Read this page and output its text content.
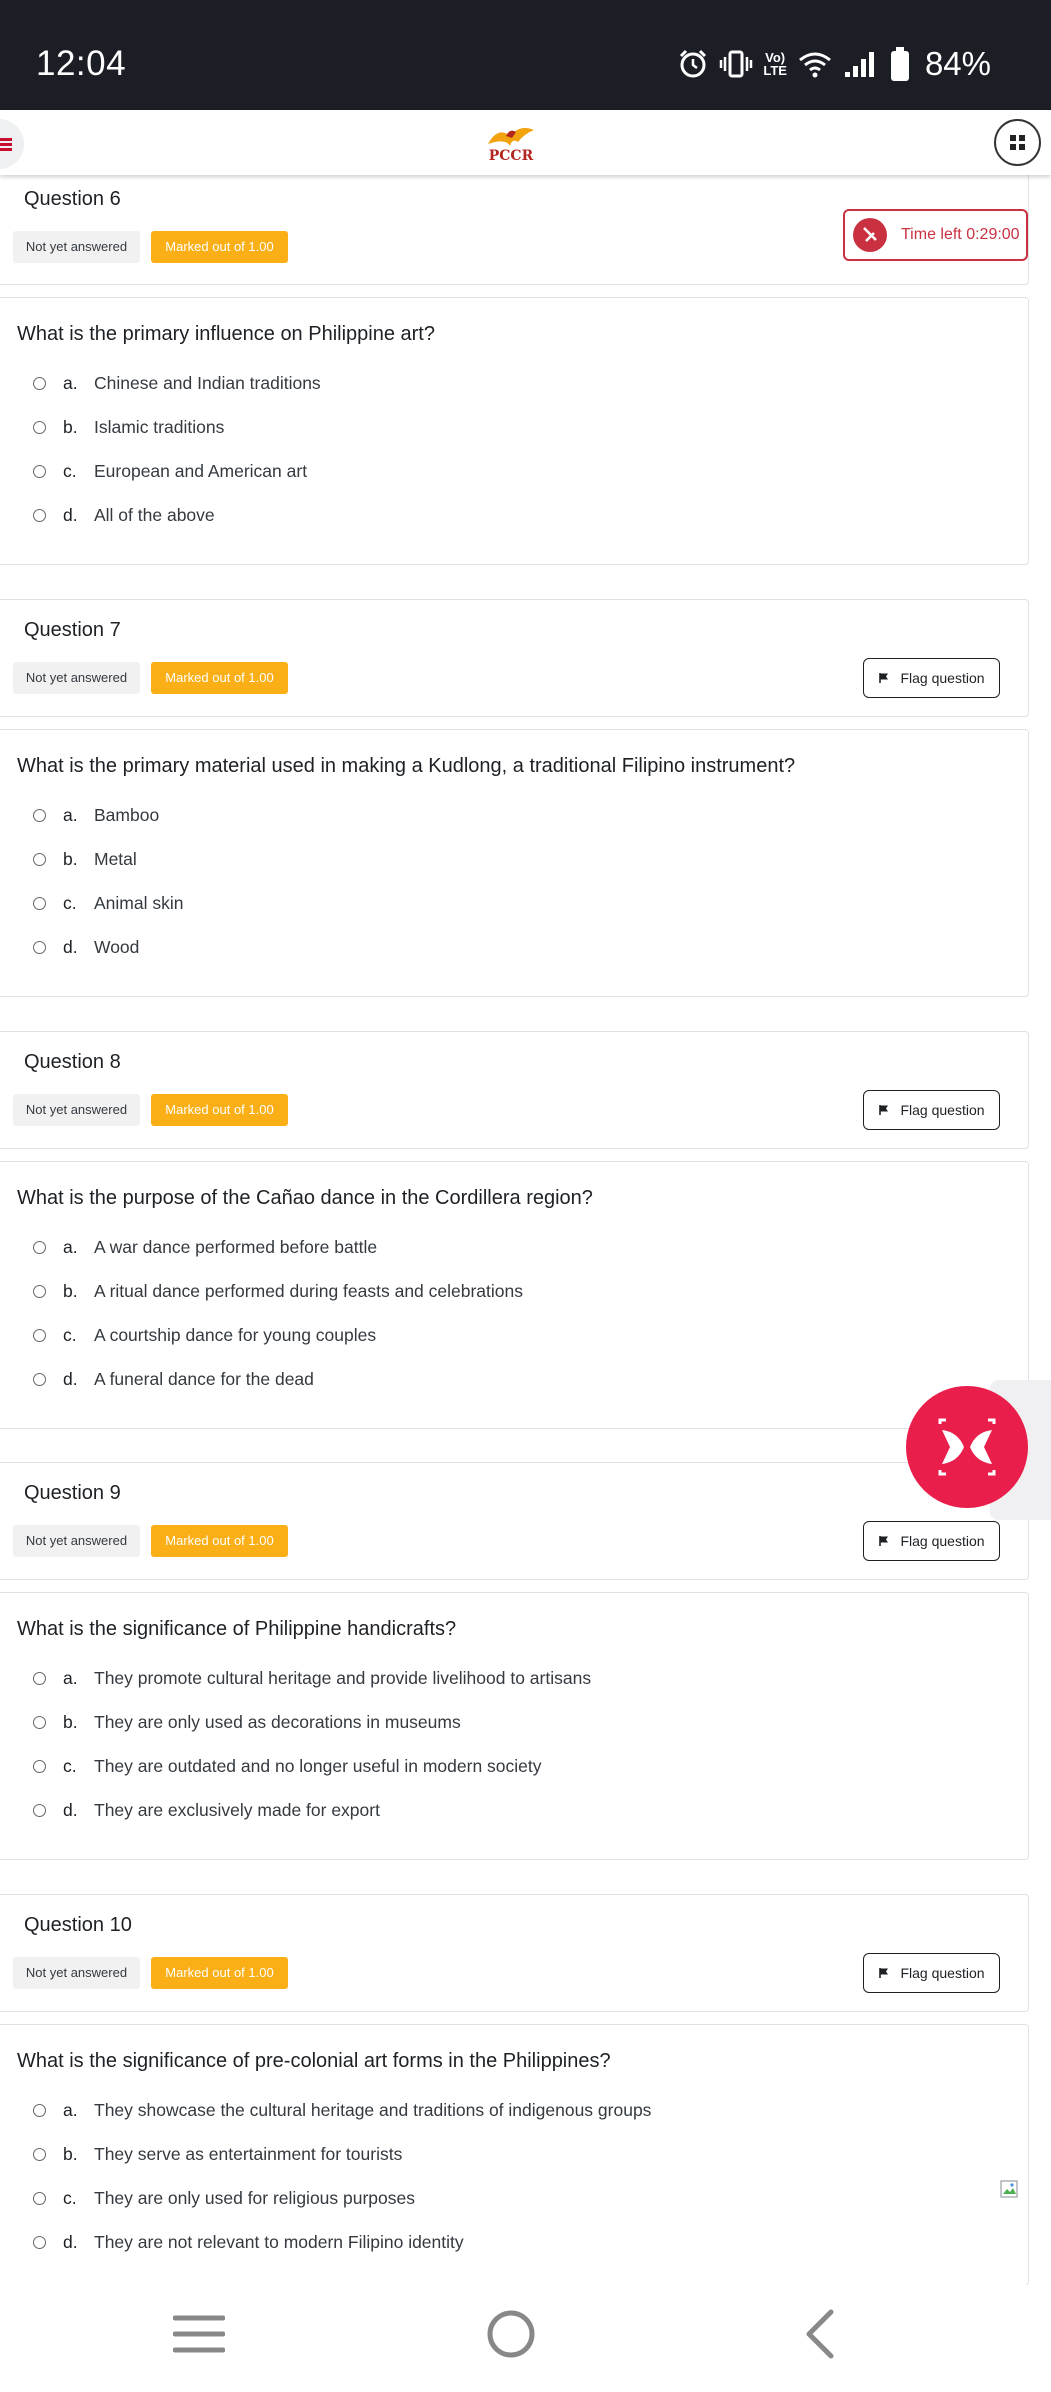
12:04	Vo)
LTE	84%
PCCR
Time left 0:29:00
Question 6
Not yet answered	Marked out of 1.00
What is the primary influence on Philippine art?
a. Chinese and Indian traditions
b. Islamic traditions
c. European and American art
d. All of the above
Question 7
Not yet answered	Marked out of 1.00	Flag question
What is the primary material used in making a Kudlong, a traditional Filipino instrument?
a. Bamboo
b. Metal
c. Animal skin
d. Wood
Question 8
Not yet answered	Marked out of 1.00	Flag question
What is the purpose of the Cañao dance in the Cordillera region?
a. A war dance performed before battle
b. A ritual dance performed during feasts and celebrations
c. A courtship dance for young couples
d. A funeral dance for the dead
Question 9
Not yet answered	Marked out of 1.00	Flag question
What is the significance of Philippine handicrafts?
a. They promote cultural heritage and provide livelihood to artisans
b. They are only used as decorations in museums
c. They are outdated and no longer useful in modern society
d. They are exclusively made for export
Question 10
Not yet answered	Marked out of 1.00	Flag question
What is the significance of pre-colonial art forms in the Philippines?
a. They showcase the cultural heritage and traditions of indigenous groups
b. They serve as entertainment for tourists
c. They are only used for religious purposes
d. They are not relevant to modern Filipino identity
